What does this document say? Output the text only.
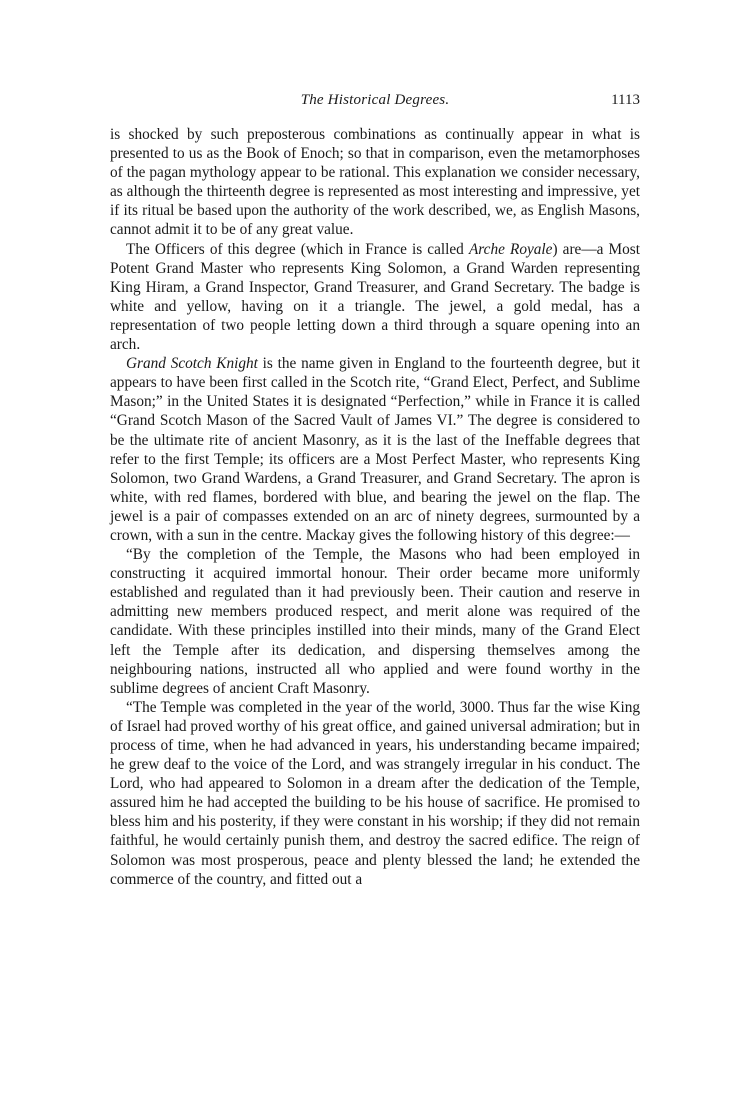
The Historical Degrees.	1113

is shocked by such preposterous combinations as continually appear in what is presented to us as the Book of Enoch; so that in comparison, even the metamorphoses of the pagan mythology appear to be rational. This explanation we consider necessary, as although the thirteenth degree is represented as most interesting and impressive, yet if its ritual be based upon the authority of the work described, we, as English Masons, cannot admit it to be of any great value.

The Officers of this degree (which in France is called Arche Royale) are—a Most Potent Grand Master who represents King Solomon, a Grand Warden representing King Hiram, a Grand Inspector, Grand Treasurer, and Grand Secretary. The badge is white and yellow, having on it a triangle. The jewel, a gold medal, has a representation of two people letting down a third through a square opening into an arch.

Grand Scotch Knight is the name given in England to the fourteenth degree, but it appears to have been first called in the Scotch rite, “Grand Elect, Perfect, and Sublime Mason;” in the United States it is designated “Perfection,” while in France it is called “Grand Scotch Mason of the Sacred Vault of James VI.” The degree is considered to be the ultimate rite of ancient Masonry, as it is the last of the Ineffable degrees that refer to the first Temple; its officers are a Most Perfect Master, who represents King Solomon, two Grand Wardens, a Grand Treasurer, and Grand Secretary. The apron is white, with red flames, bordered with blue, and bearing the jewel on the flap. The jewel is a pair of compasses extended on an arc of ninety degrees, surmounted by a crown, with a sun in the centre. Mackay gives the following history of this degree:—

“By the completion of the Temple, the Masons who had been employed in constructing it acquired immortal honour. Their order became more uniformly established and regulated than it had previously been. Their caution and reserve in admitting new members produced respect, and merit alone was required of the candidate. With these principles instilled into their minds, many of the Grand Elect left the Temple after its dedication, and dispersing themselves among the neighbouring nations, instructed all who applied and were found worthy in the sublime degrees of ancient Craft Masonry.

“The Temple was completed in the year of the world, 3000. Thus far the wise King of Israel had proved worthy of his great office, and gained universal admiration; but in process of time, when he had advanced in years, his understanding became impaired; he grew deaf to the voice of the Lord, and was strangely irregular in his conduct. The Lord, who had appeared to Solomon in a dream after the dedication of the Temple, assured him he had accepted the building to be his house of sacrifice. He promised to bless him and his posterity, if they were constant in his worship; if they did not remain faithful, he would certainly punish them, and destroy the sacred edifice. The reign of Solomon was most prosperous, peace and plenty blessed the land; he extended the commerce of the country, and fitted out a
